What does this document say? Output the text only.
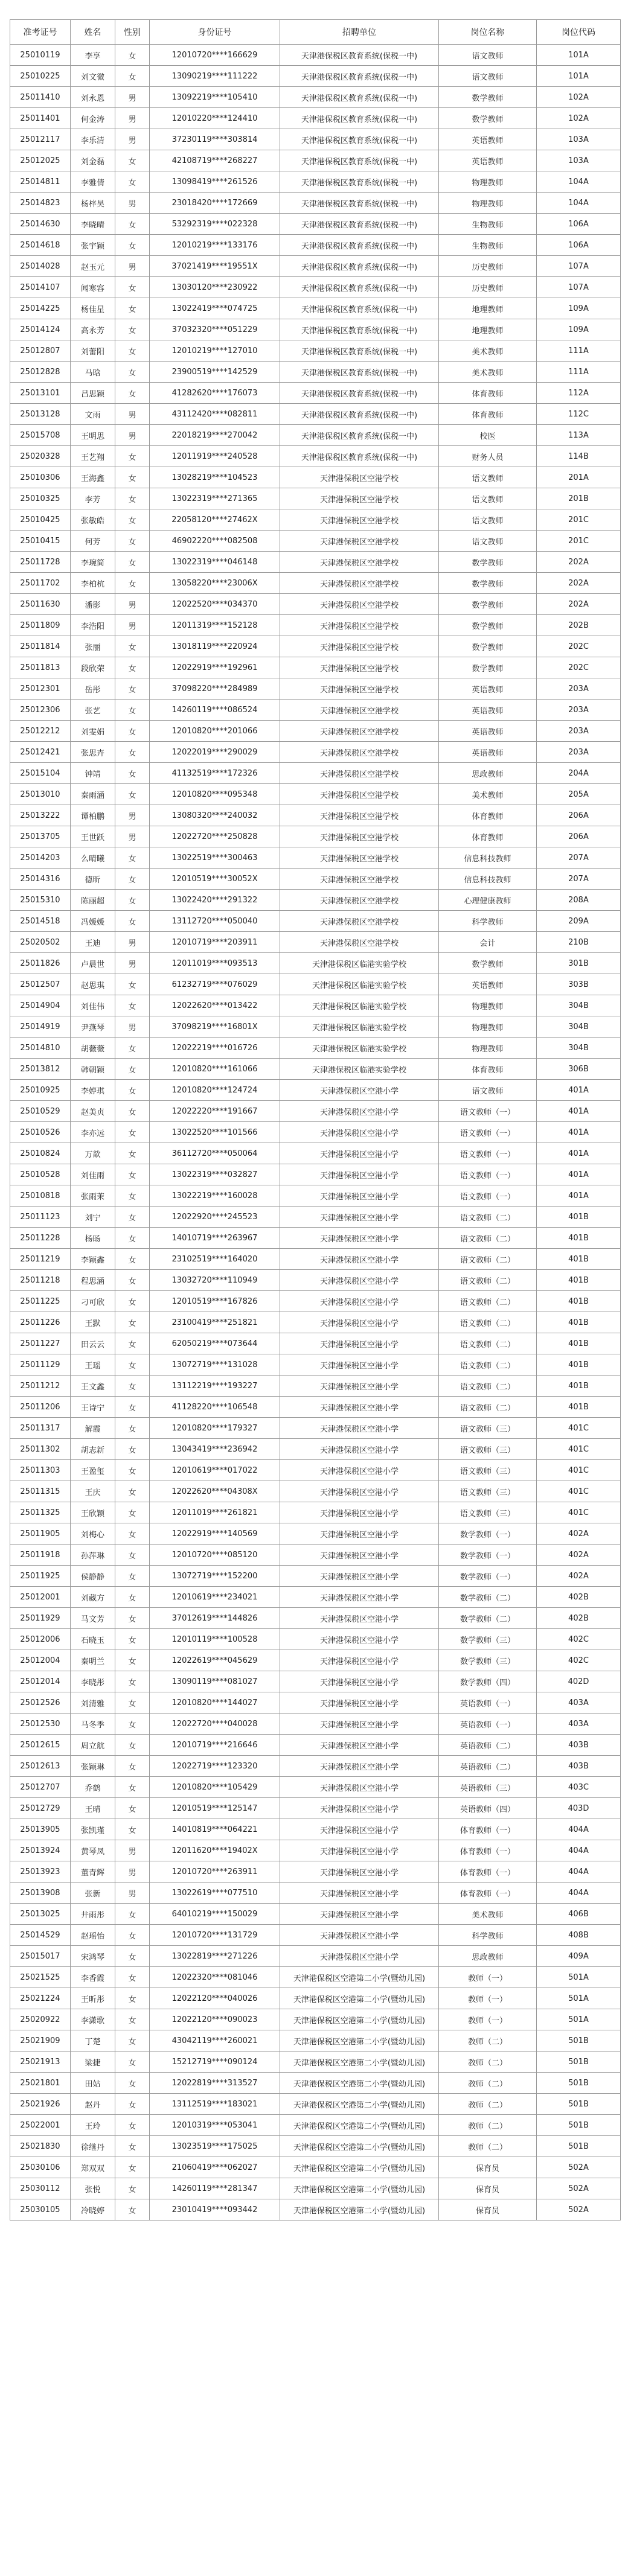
准考证号	姓名	性别	身份证号	招聘单位	岗位名称	岗位代码
25010119	李享	女	12010720****166629	天津港保税区教育系统(保税一中)	语文教师	101A
25010225	刘文微	女	13090219****111222	天津港保税区教育系统(保税一中)	语文教师	101A
25011410	刘永恩	男	13092219****105410	天津港保税区教育系统(保税一中)	数学教师	102A
25011401	何金涛	男	12010220****124410	天津港保税区教育系统(保税一中)	数学教师	102A
25012117	李乐清	男	37230119****303814	天津港保税区教育系统(保税一中)	英语教师	103A
25012025	刘金磊	女	42108719****268227	天津港保税区教育系统(保税一中)	英语教师	103A
25014811	李雅倩	女	13098419****261526	天津港保税区教育系统(保税一中)	物理教师	104A
25014823	杨梓昊	男	23018420****172669	天津港保税区教育系统(保税一中)	物理教师	104A
25014630	李晓晴	女	53292319****022328	天津港保税区教育系统(保税一中)	生物教师	106A
25014618	张宇颖	女	12010219****133176	天津港保税区教育系统(保税一中)	生物教师	106A
25014028	赵玉元	男	37021419****19551X	天津港保税区教育系统(保税一中)	历史教师	107A
25014107	闻寒容	女	13030120****230922	天津港保税区教育系统(保税一中)	历史教师	107A
25014225	杨佳星	女	13022419****074725	天津港保税区教育系统(保税一中)	地理教师	109A
25014124	高永芳	女	37032320****051229	天津港保税区教育系统(保税一中)	地理教师	109A
25012807	刘蕾阳	女	12010219****127010	天津港保税区教育系统(保税一中)	美术教师	111A
25012828	马晗	女	23900519****142529	天津港保税区教育系统(保税一中)	美术教师	111A
25013101	吕思颖	女	41282620****176073	天津港保税区教育系统(保税一中)	体育教师	112A
25013128	文雨	男	43112420****082811	天津港保税区教育系统(保税一中)	体育教师	112C
25015708	王明思	男	22018219****270042	天津港保税区教育系统(保税一中)	校医	113A
25020328	王艺翔	女	12011919****240528	天津港保税区教育系统(保税一中)	财务人员	114B
25010306	王海鑫	女	13028219****104523	天津港保税区空港学校	语文教师	201A
25010325	李芳	女	13022319****271365	天津港保税区空港学校	语文教师	201B
25010425	张敏皓	女	22058120****27462X	天津港保税区空港学校	语文教师	201C
25010415	何芳	女	46902220****082508	天津港保税区空港学校	语文教师	201C
25011728	李琬简	女	13022319****046148	天津港保税区空港学校	数学教师	202A
25011702	李柏杭	女	13058220****23006X	天津港保税区空港学校	数学教师	202A
25011630	潘影	男	12022520****034370	天津港保税区空港学校	数学教师	202A
25011809	李浩阳	男	12011319****152128	天津港保税区空港学校	数学教师	202B
25011814	张丽	女	13018119****220924	天津港保税区空港学校	数学教师	202C
25011813	段欣荣	女	12022919****192961	天津港保税区空港学校	数学教师	202C
25012301	岳彤	女	37098220****284989	天津港保税区空港学校	英语教师	203A
25012306	张艺	女	14260119****086524	天津港保税区空港学校	英语教师	203A
25012212	刘雯娟	女	12010820****201066	天津港保税区空港学校	英语教师	203A
25012421	张思卉	女	12022019****290029	天津港保税区空港学校	英语教师	203A
25015104	钟靖	女	41132519****172326	天津港保税区空港学校	思政教师	204A
25013010	秦雨涵	女	12010820****095348	天津港保税区空港学校	美术教师	205A
25013222	谭柏鹏	男	13080320****240032	天津港保税区空港学校	体育教师	206A
25013705	王世跃	男	12022720****250828	天津港保税区空港学校	体育教师	206A
25014203	么晴曦	女	13022519****300463	天津港保税区空港学校	信息科技教师	207A
25014316	德昕	女	12010519****30052X	天津港保税区空港学校	信息科技教师	207A
25015310	陈丽超	女	13022420****291322	天津港保税区空港学校	心理健康教师	208A
25014518	冯媛媛	女	13112720****050040	天津港保税区空港学校	科学教师	209A
25020502	王迪	男	12010719****203911	天津港保税区空港学校	会计	210B
25011826	卢晨世	男	12011019****093513	天津港保税区临港实验学校	数学教师	301B
25012507	赵思琪	女	61232719****076029	天津港保税区临港实验学校	英语教师	303B
25014904	刘佳伟	女	12022620****013422	天津港保税区临港实验学校	物理教师	304B
25014919	尹燕琴	男	37098219****16801X	天津港保税区临港实验学校	物理教师	304B
25014810	胡薇薇	女	12022219****016726	天津港保税区临港实验学校	物理教师	304B
25013812	韩朝颖	女	12010820****161066	天津港保税区临港实验学校	体育教师	306B
25010925	李婷琪	女	12010820****124724	天津港保税区空港小学	语文教师	401A
25010529	赵美贞	女	12022220****191667	天津港保税区空港小学	语文教师（一）	401A
25010526	李亦远	女	13022520****101566	天津港保税区空港小学	语文教师（一）	401A
25010824	万歆	女	36112720****050064	天津港保税区空港小学	语文教师（一）	401A
25010528	刘佳雨	女	13022319****032827	天津港保税区空港小学	语文教师（一）	401A
25010818	张雨茉	女	13022219****160028	天津港保税区空港小学	语文教师（一）	401A
25011123	刘宁	女	12022920****245523	天津港保税区空港小学	语文教师（二）	401B
25011228	杨旸	女	14010719****263967	天津港保税区空港小学	语文教师（二）	401B
25011219	李颖鑫	女	23102519****164020	天津港保税区空港小学	语文教师（二）	401B
25011218	程思涵	女	13032720****110949	天津港保税区空港小学	语文教师（二）	401B
25011225	刁可欣	女	12010519****167826	天津港保税区空港小学	语文教师（二）	401B
25011226	王默	女	23100419****251821	天津港保税区空港小学	语文教师（二）	401B
25011227	田云云	女	62050219****073644	天津港保税区空港小学	语文教师（二）	401B
25011129	王瑶	女	13072719****131028	天津港保税区空港小学	语文教师（二）	401B
25011212	王文鑫	女	13112219****193227	天津港保税区空港小学	语文教师（二）	401B
25011206	王诗宁	女	41128220****106548	天津港保税区空港小学	语文教师（二）	401B
25011317	解霞	女	12010820****179327	天津港保税区空港小学	语文教师（三）	401C
25011302	胡志新	女	13043419****236942	天津港保税区空港小学	语文教师（三）	401C
25011303	王盈玺	女	12010619****017022	天津港保税区空港小学	语文教师（三）	401C
25011315	王庆	女	12022620****04308X	天津港保税区空港小学	语文教师（三）	401C
25011325	王欣颖	女	12011019****261821	天津港保税区空港小学	语文教师（三）	401C
25011905	刘梅心	女	12022919****140569	天津港保税区空港小学	数学教师（一）	402A
25011918	孙萍琳	女	12010720****085120	天津港保税区空港小学	数学教师（一）	402A
25011925	侯静静	女	13072719****152200	天津港保税区空港小学	数学教师（一）	402A
25012001	刘藏方	女	12010619****234021	天津港保税区空港小学	数学教师（二）	402B
25011929	马文芳	女	37012619****144826	天津港保税区空港小学	数学教师（二）	402B
25012006	石晓玉	女	12010119****100528	天津港保税区空港小学	数学教师（三）	402C
25012004	秦明兰	女	12022619****045629	天津港保税区空港小学	数学教师（三）	402C
25012014	李晓彤	女	13090119****081027	天津港保税区空港小学	数学教师（四）	402D
25012526	刘清雅	女	12010820****144027	天津港保税区空港小学	英语教师（一）	403A
25012530	马冬季	女	12022720****040028	天津港保税区空港小学	英语教师（一）	403A
25012615	周立航	女	12010719****216646	天津港保税区空港小学	英语教师（二）	403B
25012613	张颖琳	女	12022719****123320	天津港保税区空港小学	英语教师（二）	403B
25012707	乔鹤	女	12010820****105429	天津港保税区空港小学	英语教师（三）	403C
25012729	王晴	女	12010519****125147	天津港保税区空港小学	英语教师（四）	403D
25013905	张凯瑾	女	14010819****064221	天津港保税区空港小学	体育教师（一）	404A
25013924	黄琴凤	男	12011620****19402X	天津港保税区空港小学	体育教师（一）	404A
25013923	董青辉	男	12010720****263911	天津港保税区空港小学	体育教师（一）	404A
25013908	张新	男	13022619****077510	天津港保税区空港小学	体育教师（一）	404A
25013025	井雨彤	女	64010219****150029	天津港保税区空港小学	美术教师	406B
25014529	赵瑶怡	女	12010720****131729	天津港保税区空港小学	科学教师	408B
25015017	宋鸿琴	女	13022819****271226	天津港保税区空港小学	思政教师	409A
25021525	李香霞	女	12022320****081046	天津港保税区空港第二小学(暨幼儿园)	教师（一）	501A
25021224	王昕彤	女	12022120****040026	天津港保税区空港第二小学(暨幼儿园)	教师（一）	501A
25020922	李潇歌	女	12022120****090023	天津港保税区空港第二小学(暨幼儿园)	教师（一）	501A
25021909	丁楚	女	43042119****260021	天津港保税区空港第二小学(暨幼儿园)	教师（二）	501B
25021913	梁捷	女	15212719****090124	天津港保税区空港第二小学(暨幼儿园)	教师（二）	501B
25021801	田姑	女	12022819****313527	天津港保税区空港第二小学(暨幼儿园)	教师（二）	501B
25021926	赵丹	女	13112519****183021	天津港保税区空港第二小学(暨幼儿园)	教师（二）	501B
25022001	王玲	女	12010319****053041	天津港保税区空港第二小学(暨幼儿园)	教师（二）	501B
25021830	徐继丹	女	13023519****175025	天津港保税区空港第二小学(暨幼儿园)	教师（二）	501B
25030106	郑双双	女	21060419****062027	天津港保税区空港第二小学(暨幼儿园)	保育员	502A
25030112	张悦	女	14260119****281347	天津港保税区空港第二小学(暨幼儿园)	保育员	502A
25030105	冷晓婷	女	23010419****093442	天津港保税区空港第二小学(暨幼儿园)	保育员	502A
